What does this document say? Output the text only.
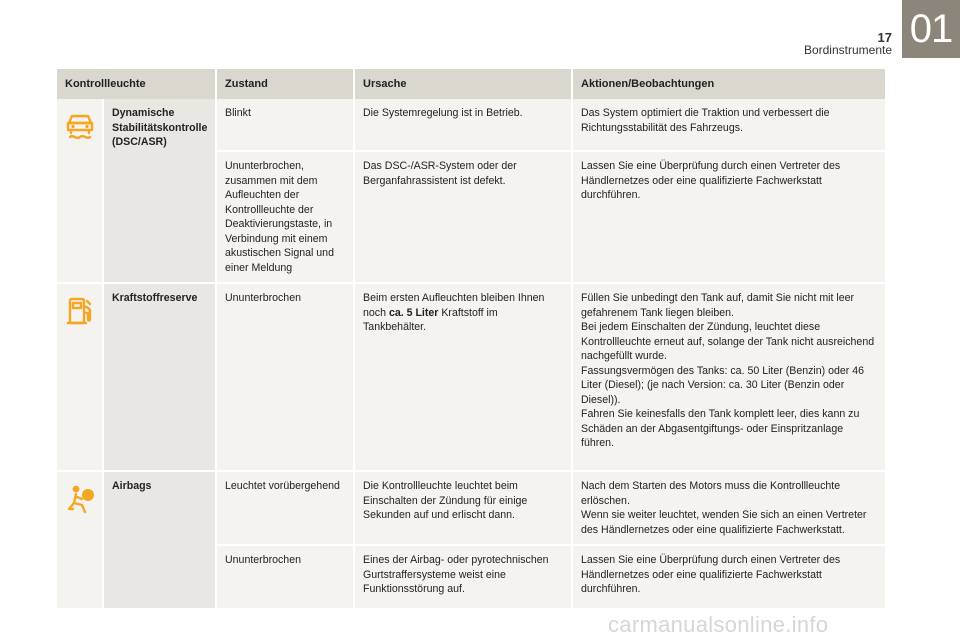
17
Bordinstrumente 01
Kontrollleuchte		Zustand	Ursache	Aktionen/Beobachtungen

	Dynamische Stabilitätskontrolle (DSC/ASR)	Blinkt	Die Systemregelung ist in Betrieb.	Das System optimiert die Traktion und verbessert die Richtungsstabilität des Fahrzeugs.
		Ununterbrochen, zusammen mit dem Aufleuchten der Kontrollleuchte der Deaktivierungstaste, in Verbindung mit einem akustischen Signal und einer Meldung	Das DSC-/ASR-System oder der Berganfahrassistent ist defekt.	Lassen Sie eine Überprüfung durch einen Vertreter des Händlernetzes oder eine qualifizierte Fachwerkstatt durchführen.

	Kraftstoffreserve	Ununterbrochen	Beim ersten Aufleuchten bleiben Ihnen noch ca. 5 Liter Kraftstoff im Tankbehälter.	Füllen Sie unbedingt den Tank auf, damit Sie nicht mit leer gefahrenem Tank liegen bleiben.
Bei jedem Einschalten der Zündung, leuchtet diese Kontrollleuchte erneut auf, solange der Tank nicht ausreichend nachgefüllt wurde.
Fassungsvermögen des Tanks: ca. 50 Liter (Benzin) oder 46 Liter (Diesel); (je nach Version: ca. 30 Liter (Benzin oder Diesel)).
Fahren Sie keinesfalls den Tank komplett leer, dies kann zu Schäden an der Abgasentgiftungs- oder Einspritzanlage führen.

	Airbags	Leuchtet vorübergehend	Die Kontrollleuchte leuchtet beim Einschalten der Zündung für einige Sekunden auf und erlischt dann.	Nach dem Starten des Motors muss die Kontrollleuchte erlöschen.
Wenn sie weiter leuchtet, wenden Sie sich an einen Vertreter des Händlernetzes oder eine qualifizierte Fachwerkstatt.

		Ununterbrochen	Eines der Airbag- oder pyrotechnischen Gurtstraffersysteme weist eine Funktionsstörung auf.	Lassen Sie eine Überprüfung durch einen Vertreter des Händlernetzes oder eine qualifizierte Fachwerkstatt durchführen.
carmanualsonline.info
